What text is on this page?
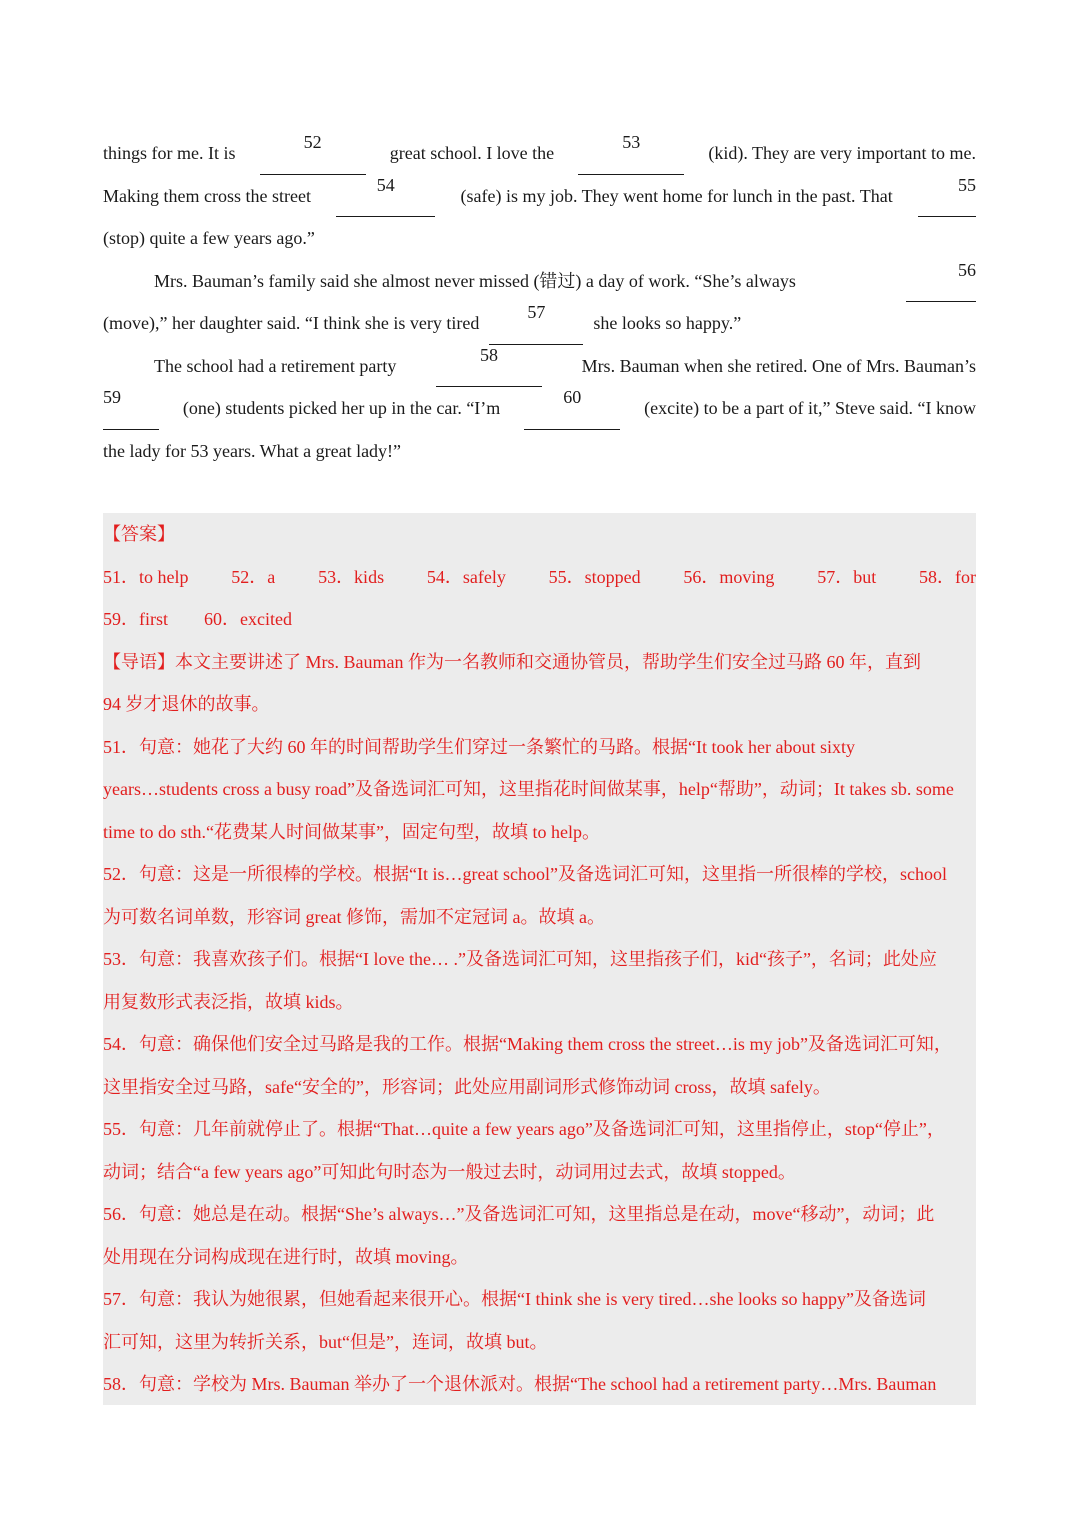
things for me. It is
52
great school. I love the
53
(kid). They are very important to me.
Making them cross the street
54
(safe) is my job. They went home for lunch in the past. That
55
(stop) quite a few years ago.”
Mrs. Bauman’s family said she almost never missed (错过) a day of work. “She’s always
56
(move),” her daughter said. “I think she is very tired
57
she looks so happy.”
The school had a retirement party
58
Mrs. Bauman when she retired. One of Mrs. Bauman’s
59
(one) students picked her up in the car. “I’m
60
(excite) to be a part of it,” Steve said. “I know
the lady for 53 years. What a great lady!”
【答案】
51．to help 52．a 53．kids 54．safely 55．stopped 56．moving 57．but 58．for
59．first 60．excited
【导语】本文主要讲述了 Mrs. Bauman 作为一名教师和交通协管员，帮助学生们安全过马路 60 年，直到
94 岁才退休的故事。
51．句意：她花了大约 60 年的时间帮助学生们穿过一条繁忙的马路。根据“It took her about sixty
years…students cross a busy road”及备选词汇可知，这里指花时间做某事，help“帮助”，动词；It takes sb. some
time to do sth.“花费某人时间做某事”，固定句型，故填 to help。
52．句意：这是一所很棒的学校。根据“It is…great school”及备选词汇可知，这里指一所很棒的学校，school
为可数名词单数，形容词 great 修饰，需加不定冠词 a。故填 a。
53．句意：我喜欢孩子们。根据“I love the… .”及备选词汇可知，这里指孩子们，kid“孩子”，名词；此处应
用复数形式表泛指，故填 kids。
54．句意：确保他们安全过马路是我的工作。根据“Making them cross the street…is my job”及备选词汇可知，
这里指安全过马路，safe“安全的”，形容词；此处应用副词形式修饰动词 cross，故填 safely。
55．句意：几年前就停止了。根据“That…quite a few years ago”及备选词汇可知，这里指停止，stop“停止”，
动词；结合“a few years ago”可知此句时态为一般过去时，动词用过去式，故填 stopped。
56．句意：她总是在动。根据“She’s always…”及备选词汇可知，这里指总是在动，move“移动”，动词；此
处用现在分词构成现在进行时，故填 moving。
57．句意：我认为她很累，但她看起来很开心。根据“I think she is very tired…she looks so happy”及备选词
汇可知，这里为转折关系，but“但是”，连词，故填 but。
58．句意：学校为 Mrs. Bauman 举办了一个退休派对。根据“The school had a retirement party…Mrs. Bauman
